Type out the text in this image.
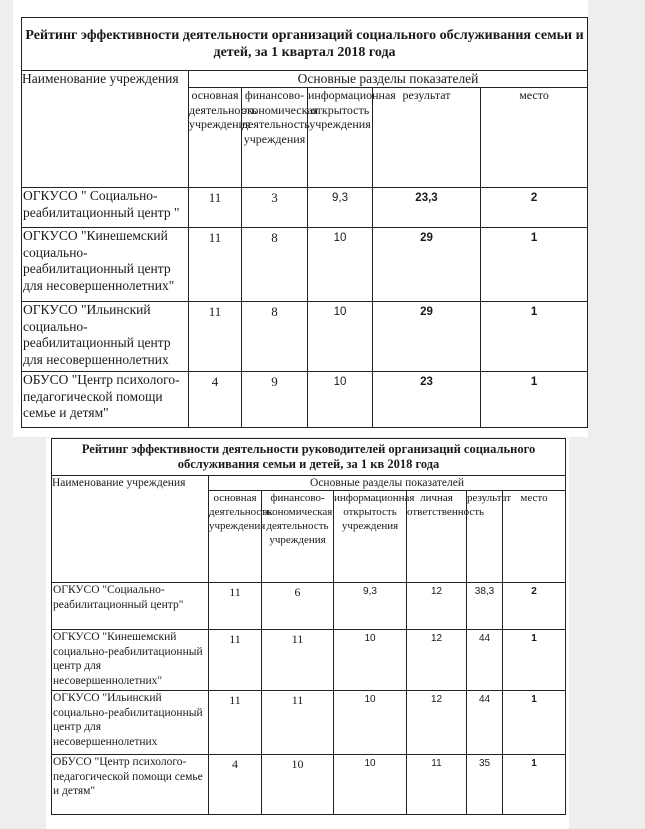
Рейтинг эффективности деятельности организаций социального обслуживания семьи и детей, за 1 квартал 2018 года					
Наименование учреждения	Основные разделы показателей				
	основная деятельность учреждения	финансово-экономическая деятельность учреждения	информационная открытость учреждения	результат	место
ОГКУСО " Социально-реабилитационный центр "	11	3	9,3	23,3	2
ОГКУСО "Кинешемский социально-реабилитационный центр для несовершеннолетних"	11	8	10	29	1
ОГКУСО "Ильинский социально-реабилитационный центр для несовершеннолетних	11	8	10	29	1
ОБУСО "Центр психолого-педагогической помощи семье и детям"	4	9	10	23	1
Рейтинг эффективности деятельности руководителей организаций социального обслуживания семьи и детей, за 1 кв 2018 года						
Наименование учреждения	Основные разделы показателей					
	основная деятельность учреждения	финансово-экономическая деятельность учреждения	информационная открытость учреждения	личная ответственность	результат	место
ОГКУСО "Социально-реабилитационный центр"	11	6	9,3	12	38,3	2
ОГКУСО "Кинешемский социально-реабилитационный центр для несовершеннолетних"	11	11	10	12	44	1
ОГКУСО "Ильинский социально-реабилитационный центр для несовершеннолетних	11	11	10	12	44	1
ОБУСО "Центр психолого-педагогической помощи семье и детям"	4	10	10	11	35	1
